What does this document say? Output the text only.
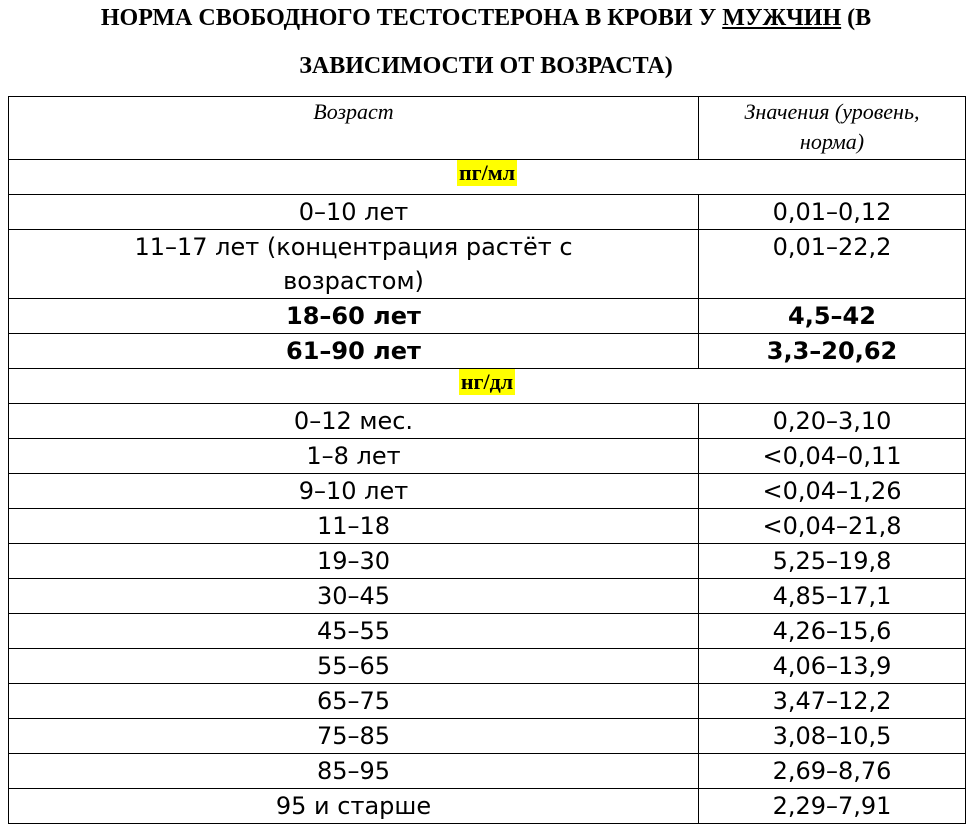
НОРМА СВОБОДНОГО ТЕСТОСТЕРОНА В КРОВИ У МУЖЧИН (В
ЗАВИСИМОСТИ ОТ ВОЗРАСТА)
Возраст	Значения (уровень,
норма)
пг/мл	
0–10 лет	0,01–0,12
11–17 лет (концентрация растёт с
возрастом)	0,01–22,2
18–60 лет	4,5–42
61–90 лет	3,3–20,62
нг/дл	
0–12 мес.	0,20–3,10
1–8 лет	<0,04–0,11
9–10 лет	<0,04–1,26
11–18	<0,04–21,8
19–30	5,25–19,8
30–45	4,85–17,1
45–55	4,26–15,6
55–65	4,06–13,9
65–75	3,47–12,2
75–85	3,08–10,5
85–95	2,69–8,76
95 и старше	2,29–7,91
